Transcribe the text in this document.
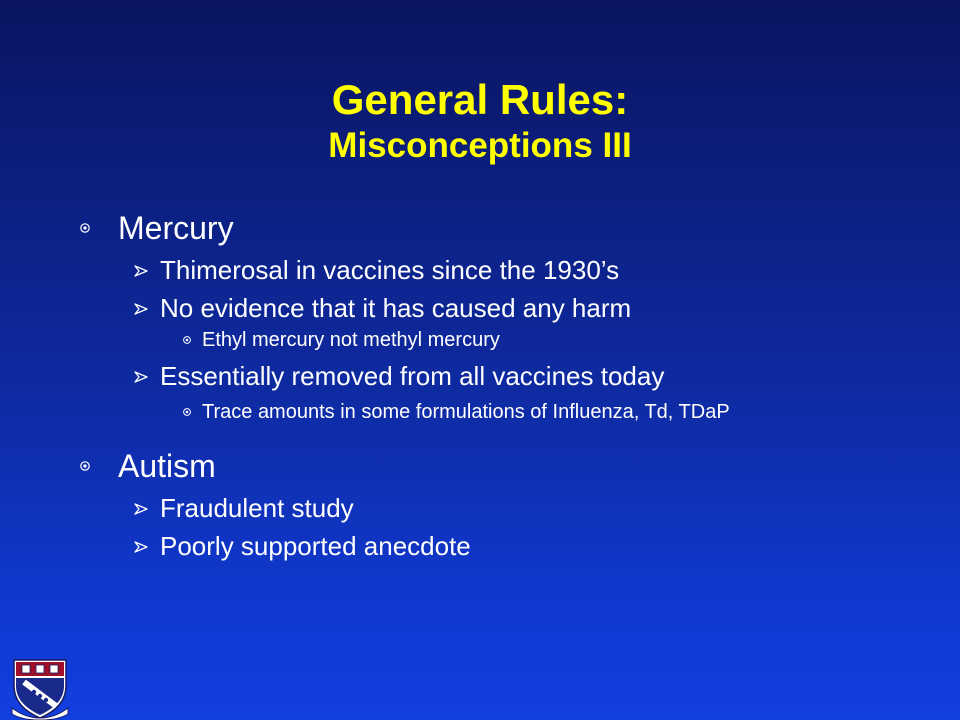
General Rules:
Misconceptions III
Mercury
Thimerosal in vaccines since the 1930’s
No evidence that it has caused any harm
Ethyl mercury not methyl mercury
Essentially removed from all vaccines today
Trace amounts in some formulations of Influenza, Td, TDaP
Autism
Fraudulent study
Poorly supported anecdote
